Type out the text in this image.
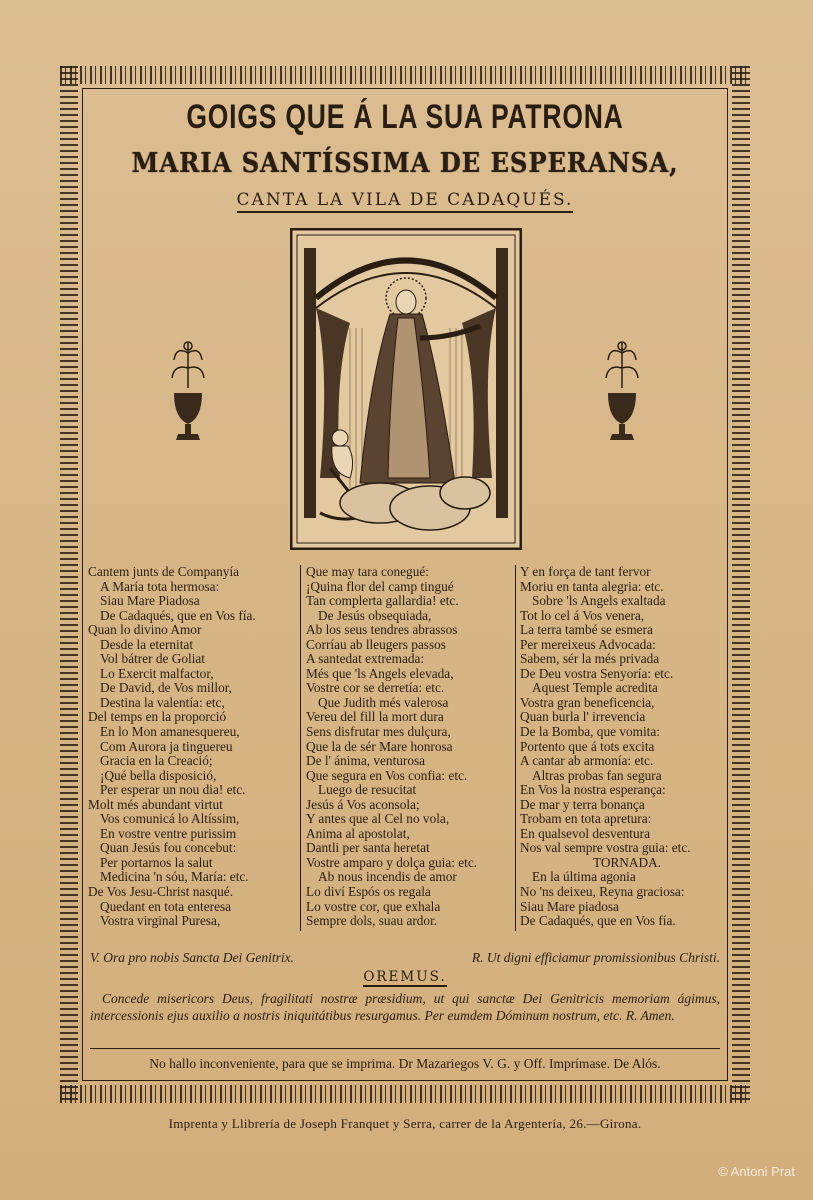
GOIGS QUE Á LA SUA PATRONA
MARIA SANTÍSSIMA DE ESPERANSA,
CANTA LA VILA DE CADAQUÉS.
Cantem junts de Companyía
A María tota hermosa:
Siau Mare Piadosa
De Cadaqués, que en Vos fía.
Quan lo divino Amor
Desde la eternitat
Vol bátrer de Goliat
Lo Exercit malfactor,
De David, de Vos millor,
Destina la valentía: etc,
Del temps en la proporció
En lo Mon amanesquereu,
Com Aurora ja tinguereu
Gracia en la Creació;
¡Qué bella disposició,
Per esperar un nou dia! etc.
Molt més abundant virtut
Vos comunicá lo Altíssim,
En vostre ventre purissim
Quan Jesús fou concebut:
Per portarnos la salut
Medicina 'n sóu, María: etc.
De Vos Jesu-Christ nasqué.
Quedant en tota enteresa
Vostra virginal Puresa,
Que may tara conegué:
¡Quina flor del camp tingué
Tan complerta gallardia! etc.
De Jesús obsequiada,
Ab los seus tendres abrassos
Corríau ab lleugers passos
A santedat extremada:
Més que 'ls Angels elevada,
Vostre cor se derretía: etc.
Que Judith més valerosa
Vereu del fill la mort dura
Sens disfrutar mes dulçura,
Que la de sér Mare honrosa
De l' ánima, venturosa
Que segura en Vos confia: etc.
Luego de resucitat
Jesús á Vos aconsola;
Y antes que al Cel no vola,
Anima al apostolat,
Dantli per santa heretat
Vostre amparo y dolça guia: etc.
Ab nous incendis de amor
Lo diví Espós os regala
Lo vostre cor, que exhala
Sempre dols, suau ardor.
Y en força de tant fervor
Moriu en tanta alegria: etc.
Sobre 'ls Angels exaltada
Tot lo cel á Vos venera,
La terra també se esmera
Per mereixeus Advocada:
Sabem, sér la més privada
De Deu vostra Senyoría: etc.
Aquest Temple acredita
Vostra gran beneficencia,
Quan burla l' irrevencia
De la Bomba, que vomita:
Portento que á tots excita
A cantar ab armonía: etc.
Altras probas fan segura
En Vos la nostra esperança:
De mar y terra bonança
Trobam en tota apretura:
En qualsevol desventura
Nos val sempre vostra guia: etc.
TORNADA.
En la última agonia
No 'ns deixeu, Reyna graciosa:
Siau Mare piadosa
De Cadaqués, que en Vos fía.
V. Ora pro nobis Sancta Dei Genitrix.	R. Ut digni efficiamur promissionibus Christi.
OREMUS.
Concede misericors Deus, fragilitati nostræ præsidium, ut qui sanctæ Dei Genitricis memoriam ágimus, intercessionis ejus auxilio a nostris iniquitátibus resurgamus. Per eumdem Dóminum nostrum, etc. R. Amen.
No hallo inconveniente, para que se imprima. Dr Mazariegos V. G. y Off. Imprímase. De Alós.
Imprenta y Llibrería de Joseph Franquet y Serra, carrer de la Argentería, 26.—Girona.
© Antoni Prat
